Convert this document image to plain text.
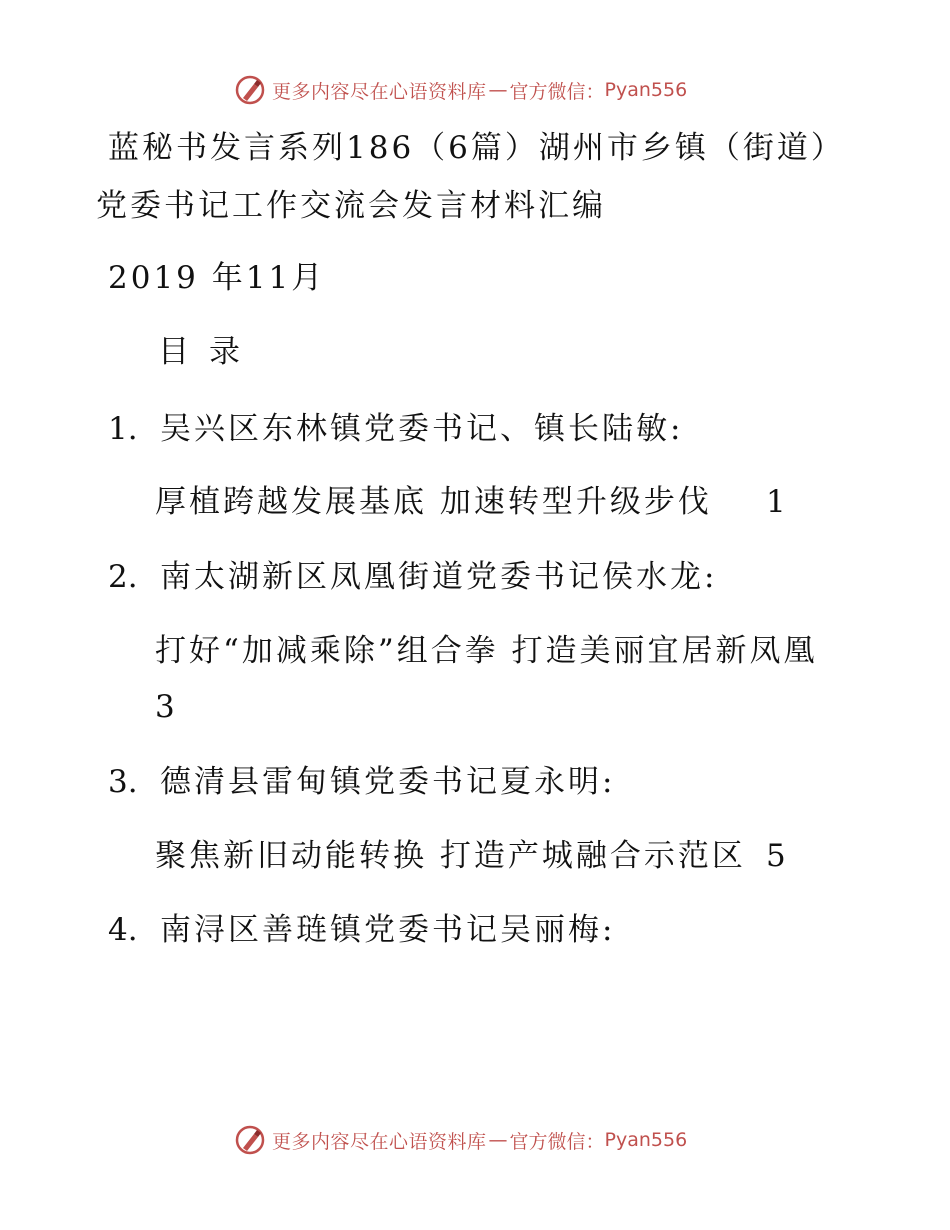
更多内容尽在心语资料库 — 官方微信： Pyan556
蓝秘书发言系列186（6篇）湖州市乡镇（街道）
党委书记工作交流会发言材料汇编
2019 年11月
目录
1. 吴兴区东林镇党委书记、镇长陆敏:
厚植跨越发展基底 加速转型升级步伐 1
2. 南太湖新区凤凰街道党委书记侯水龙:
打好“加减乘除”组合拳 打造美丽宜居新凤凰
3
3. 德清县雷甸镇党委书记夏永明:
聚焦新旧动能转换 打造产城融合示范区 5
4. 南浔区善琏镇党委书记吴丽梅:
更多内容尽在心语资料库 — 官方微信： Pyan556
